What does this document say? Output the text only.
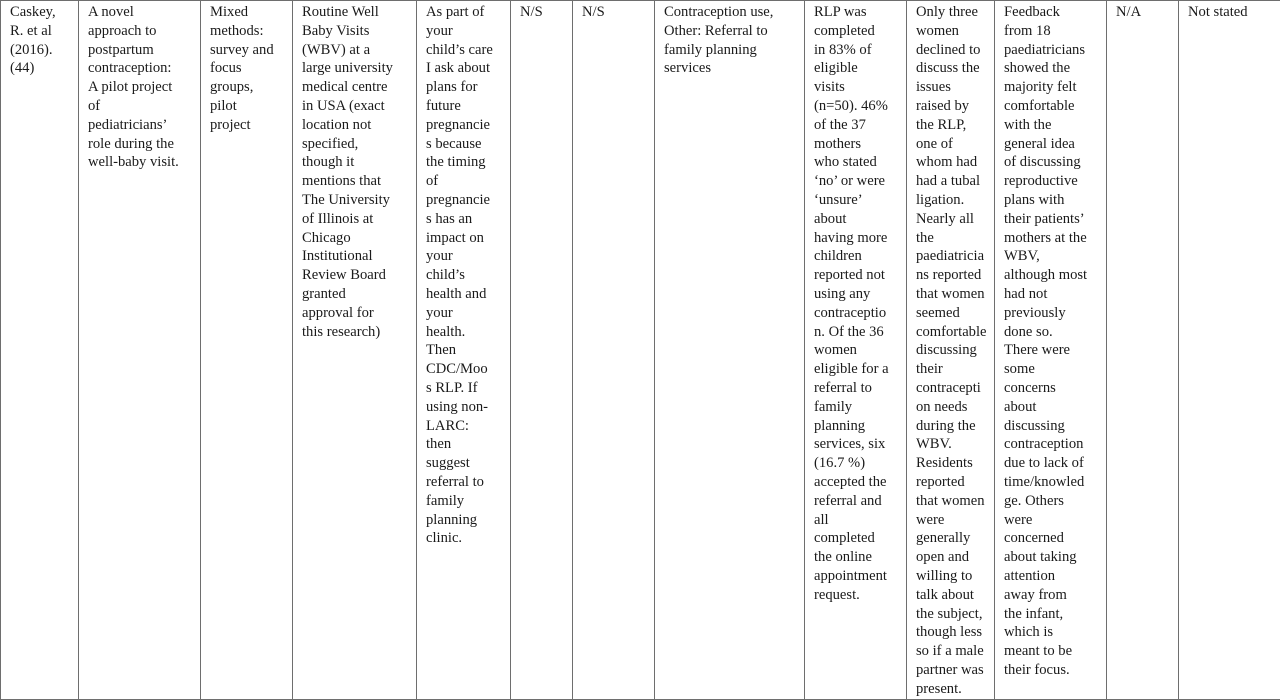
Caskey,
R. et al
(2016).
(44)

A novel
approach to
postpartum
contraception:
A pilot project
of
pediatricians’
role during the
well-baby visit.

Mixed
methods:
survey and
focus
groups,
pilot
project

Routine Well
Baby Visits
(WBV) at a
large university
medical centre
in USA (exact
location not
specified,
though it
mentions that
The University
of Illinois at
Chicago
Institutional
Review Board
granted
approval for
this research)

As part of
your
child’s care
I ask about
plans for
future
pregnancie
s because
the timing
of
pregnancie
s has an
impact on
your
child’s
health and
your
health.
Then
CDC/Moo
s RLP. If
using non-
LARC:
then
suggest
referral to
family
planning
clinic.

N/S	N/S	Contraception use,
Other: Referral to
family planning
services

RLP was
completed
in 83% of
eligible
visits
(n=50). 46%
of the 37
mothers
who stated
‘no’ or were
‘unsure’
about
having more
children
reported not
using any
contraceptio
n. Of the 36
women
eligible for a
referral to
family
planning
services, six
(16.7 %)
accepted the
referral and
all
completed
the online
appointment
request.

Only three
women
declined to
discuss the
issues
raised by
the RLP,
one of
whom had
had a tubal
ligation.
Nearly all
the
paediatricia
ns reported
that women
seemed
comfortable
discussing
their
contracepti
on needs
during the
WBV.
Residents
reported
that women
were
generally
open and
willing to
talk about
the subject,
though less
so if a male
partner was
present.

Feedback
from 18
paediatricians
showed the
majority felt
comfortable
with the
general idea
of discussing
reproductive
plans with
their patients’
mothers at the
WBV,
although most
had not
previously
done so.
There were
some
concerns
about
discussing
contraception
due to lack of
time/knowled
ge. Others
were
concerned
about taking
attention
away from
the infant,
which is
meant to be
their focus.

N/A	Not stated
